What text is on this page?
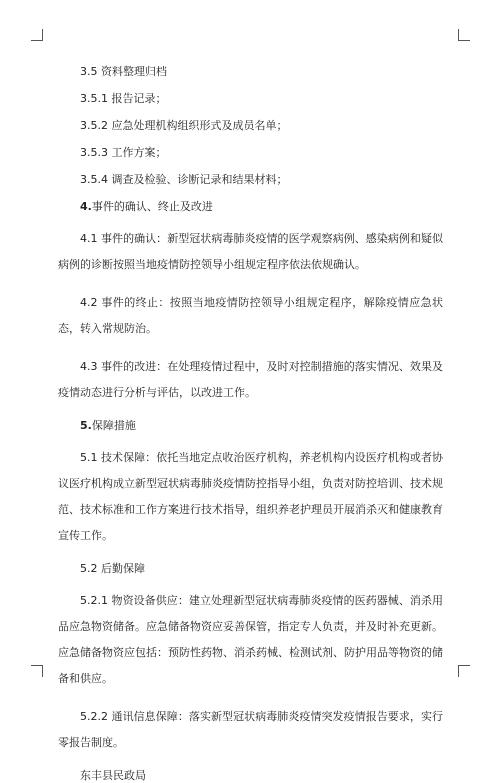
3.5 资料整理归档
3.5.1 报告记录；
3.5.2 应急处理机构组织形式及成员名单；
3.5.3 工作方案；
3.5.4 调查及检验、诊断记录和结果材料；
4.事件的确认、终止及改进
4.1 事件的确认：新型冠状病毒肺炎疫情的医学观察病例、感染病例和疑似病例的诊断按照当地疫情防控领导小组规定程序依法依规确认。
4.2 事件的终止：按照当地疫情防控领导小组规定程序，解除疫情应急状态，转入常规防治。
4.3 事件的改进：在处理疫情过程中，及时对控制措施的落实情况、效果及疫情动态进行分析与评估，以改进工作。
5.保障措施
5.1 技术保障：依托当地定点收治医疗机构，养老机构内设医疗机构或者协议医疗机构成立新型冠状病毒肺炎疫情防控指导小组，负责对防控培训、技术规范、技术标准和工作方案进行技术指导，组织养老护理员开展消杀灭和健康教育宣传工作。
5.2 后勤保障
5.2.1 物资设备供应：建立处理新型冠状病毒肺炎疫情的医药器械、消杀用品应急物资储备。应急储备物资应妥善保管，指定专人负责，并及时补充更新。应急储备物资应包括：预防性药物、消杀药械、检测试剂、防护用品等物资的储备和供应。
5.2.2 通讯信息保障：落实新型冠状病毒肺炎疫情突发疫情报告要求，实行零报告制度。
东丰县民政局
